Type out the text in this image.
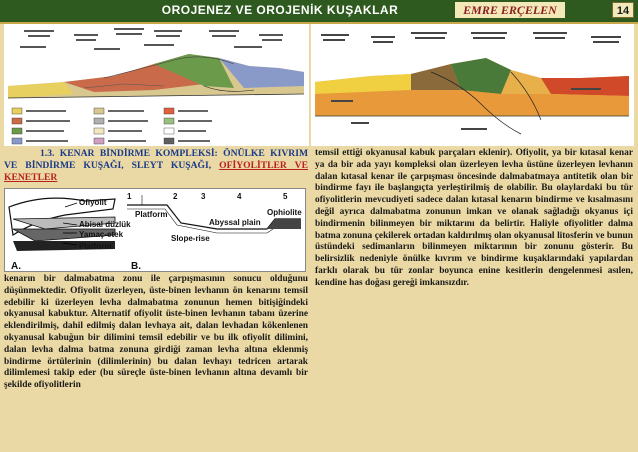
OROJENEZ VE OROJENİK KUŞAKLAR	EMRE ERÇELEN	14
1.3. KENAR BİNDİRME KOMPLEKSİ: ÖNÜLKE KIVRIM VE BİNDİRME KUŞAĞI, SLEYT KUŞAĞI, OFİYOLİTLER VE KENETLER
Ofiyolit
Abisal düzlük
Yamaç-etek
Platform
A.
1	2	3	4	5
Platform
Slope-rise
Abyssal plain
Ophiolite
B.
kenarın bir dalmabatma zonu ile çarpışmasının sonucu olduğunu düşünmektedir. Ofiyolit üzerleyen, üste-binen levhanın ön kenarını temsil edebilir ki üzerleyen levha dalmabatma zonunun hemen bitişiğindeki okyanusal kabuktur. Alternatif ofiyolit üste-binen levhanın tabanı üzerine eklendirilmiş, dahil edilmiş dalan levhaya ait, dalan levhadan kökenlenen okyanusal kabuğun bir dilimini temsil edebilir ve bu ilk ofiyolit dilimini, dalan levha dalma batma zonuna girdiği zaman levha altına eklenmiş bindirme örtülerinin (dilimlerinin) bu dalan levhayı tedricen artarak dilimlemesi takip eder (bu süreçle üste-binen levhanın altına devamlı bir şekilde ofiyolitlerin
temsil ettiği okyanusal kabuk parçaları eklenir). Ofiyolit, ya bir kıtasal kenar ya da bir ada yayı kompleksi olan üzerleyen levha üstüne üzerleyen levhanın dalan kıtasal kenar ile çarpışması öncesinde dalmabatmaya antitetik olan bir bindirme fayı ile başlangıçta yerleştirilmiş de olabilir. Bu olaylardaki bu tür ofiyolitlerin mevcudiyeti sadece dalan kıtasal kenarın bindirme ve kısalmasını değil ayrıca dalmabatma zonunun imkan ve olanak sağladığı okyanus içi bindirmenin bilinmeyen bir miktarını da belirtir. Haliyle ofiyolitler dalma batma zonuna çekilerek ortadan kaldırılmış olan okyanusal litosferin ve bunun üstündeki sedimanların bilinmeyen miktarının bir zonunu gösterir. Bu belirsizlik nedeniyle önülke kıvrım ve bindirme kuşaklarındaki yapılardan farklı olarak bu tür zonlar boyunca enine kesitlerin dengelenmesi asılen, kendine has doğası gereği imkansızdır.
